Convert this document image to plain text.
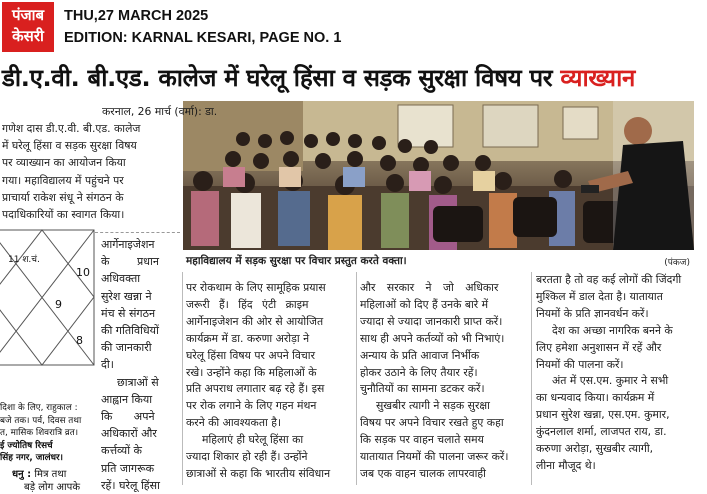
पंजाब
केसरी
THU,27 MARCH 2025
EDITION: KARNAL KESARI, PAGE NO. 1
डी.ए.वी. बी.एड. कालेज में घरेलू हिंसा व सड़क सुरक्षा विषय पर व्याख्यान
महाविद्यालय में सड़क सुरक्षा पर विचार प्रस्तुत करते वक्ता।	(पंकज)
करनाल, 26 मार्च (वर्मा): डा.
गणेश दास डी.ए.वी. बी.एड. कालेज
में घरेलू हिंसा व सड़क सुरक्षा विषय
पर व्याख्यान का आयोजन किया
गया। महाविद्यालय में पहुंचने पर
प्राचार्या राकेश संधू ने संगठन के
पदाधिकारियों का स्वागत किया।
11 श.चं.
10
9
8
दिशा के लिए, राहुकाल :
बजे तक। पर्व, दिवस तथा
त, मासिक शिवरात्रि व्रत।
ई ज्योतिष रिसर्च
सिंह नगर, जालंधर।
धनु : मित्र तथा
बड़े लोग आपके
आर्गेनाइजेशन
के प्रधान
अधिवक्ता
सुरेश खन्ना ने
मंच से संगठन
की गतिविधियों
की जानकारी
दी।
छात्राओं से
आह्वान किया
कि अपने
अधिकारों और
कर्त्तव्यों के
प्रति जागरूक
रहें। घरेलू हिंसा
पर रोकथाम के लिए सामूहिक प्रयास
जरूरी हैं। हिंद एंटी क्राइम
आर्गेनाइजेशन की ओर से आयोजित
कार्यक्रम में डा. करुणा अरोड़ा ने
घरेलू हिंसा विषय पर अपने विचार
रखे। उन्होंने कहा कि महिलाओं के
प्रति अपराध लगातार बढ़ रहे हैं। इस
पर रोक लगाने के लिए गहन मंथन
करने की आवश्यकता है।
महिलाएं ही घरेलू हिंसा का
ज्यादा शिकार हो रही हैं। उन्होंने
छात्राओं से कहा कि भारतीय संविधान
और सरकार ने जो अधिकार
महिलाओं को दिए हैं उनके बारे में
ज्यादा से ज्यादा जानकारी प्राप्त करें।
साथ ही अपने कर्तव्यों को भी निभाएं।
अन्याय के प्रति आवाज निर्भीक
होकर उठाने के लिए तैयार रहें।
चुनौतियों का सामना डटकर करें।
सुखबीर त्यागी ने सड़क सुरक्षा
विषय पर अपने विचार रखते हुए कहा
कि सड़क पर वाहन चलाते समय
यातायात नियमों की पालना जरूर करें।
जब एक वाहन चालक लापरवाही
बरतता है तो वह कई लोगों की जिंदगी
मुश्किल में डाल देता है। यातायात
नियमों के प्रति ज्ञानवर्धन करें।
देश का अच्छा नागरिक बनने के
लिए हमेशा अनुशासन में रहें और
नियमों की पालना करें।
अंत में एस.एम. कुमार ने सभी
का धन्यवाद किया। कार्यक्रम में
प्रधान सुरेश खन्ना, एस.एम. कुमार,
कुंदनलाल शर्मा, लाजपत राय, डा.
करुणा अरोड़ा, सुखबीर त्यागी,
लीना मौजूद थे।
